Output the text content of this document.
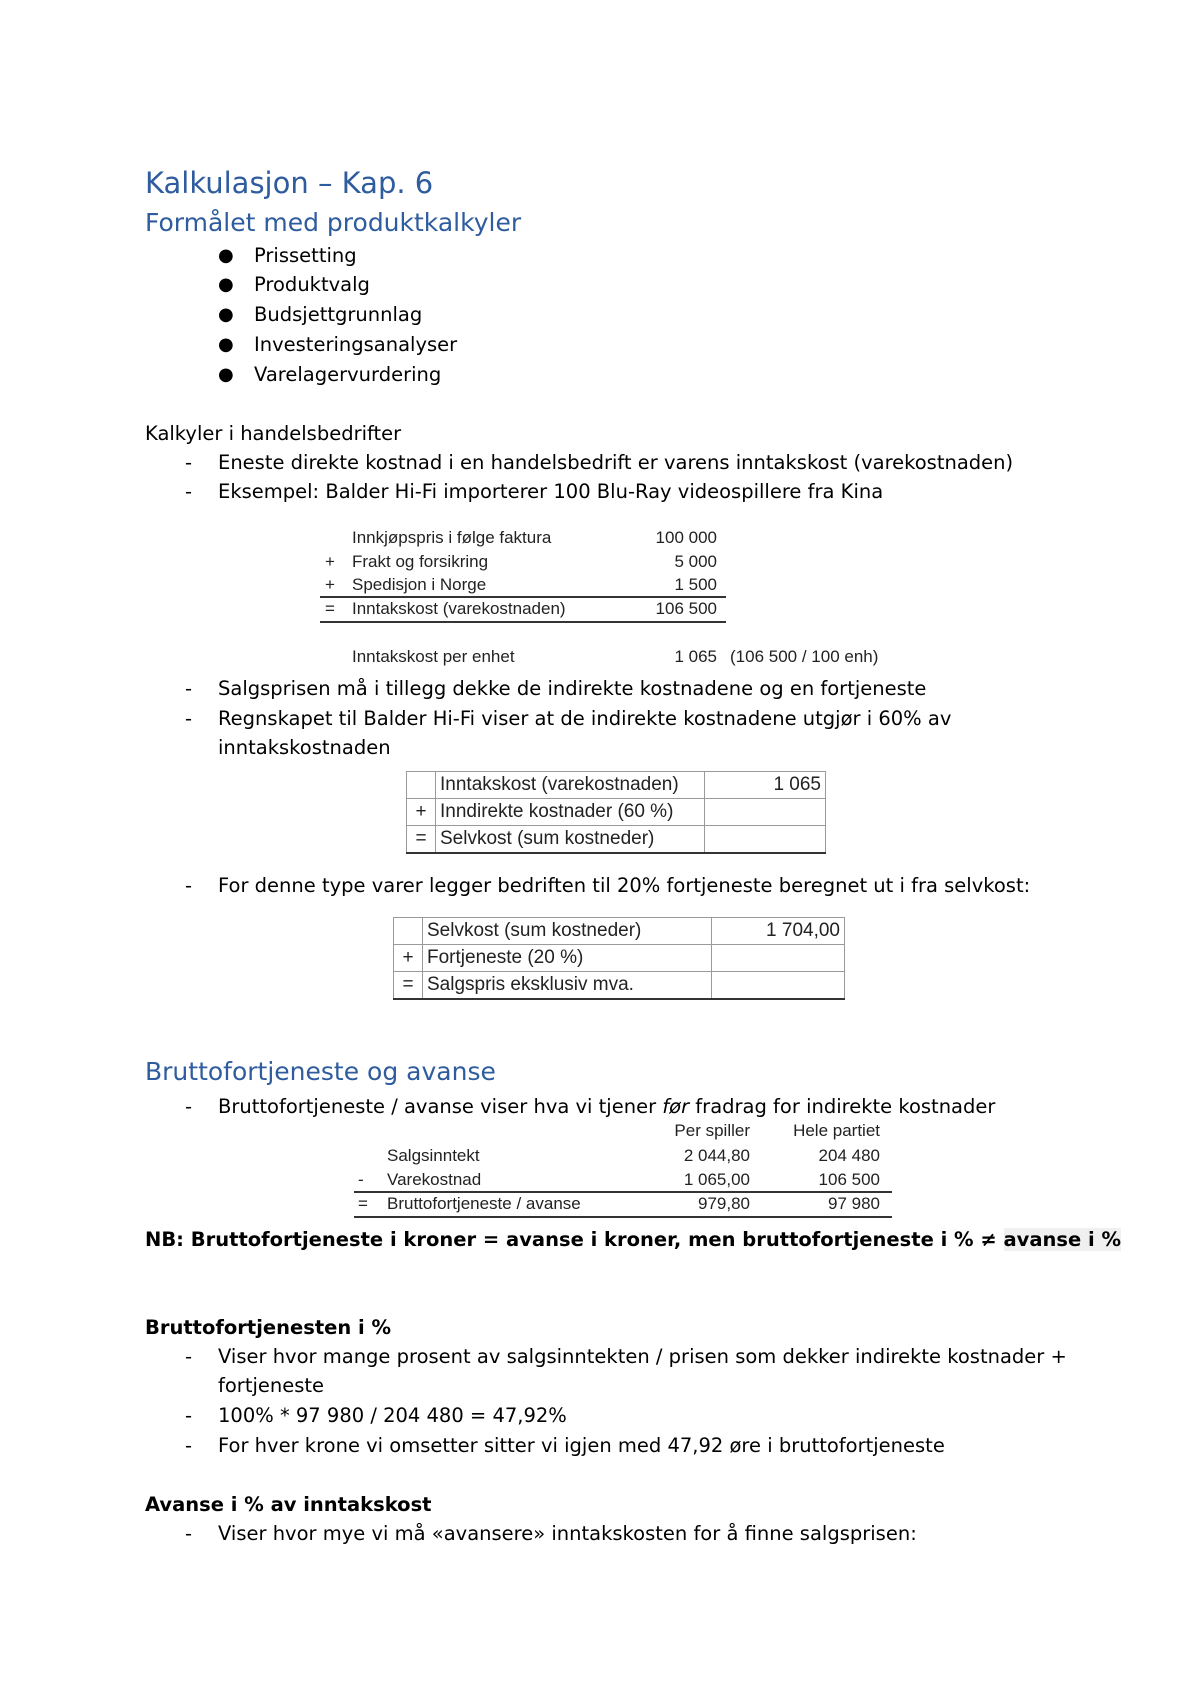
Kalkulasjon – Kap. 6
Formålet med produktkalkyler
● Prissetting
● Produktvalg
● Budsjettgrunnlag
● Investeringsanalyser
● Varelagervurdering
Kalkyler i handelsbedrifter
- Eneste direkte kostnad i en handelsbedrift er varens inntakskost (varekostnaden)
- Eksempel: Balder Hi-Fi importerer 100 Blu-Ray videospillere fra Kina
Innkjøpspris i følge faktura	100 000
+ Frakt og forsikring	5 000
+ Spedisjon i Norge	1 500
= Inntakskost (varekostnaden)	106 500
Inntakskost per enhet	1 065 (106 500 / 100 enh)
- Salgsprisen må i tillegg dekke de indirekte kostnadene og en fortjeneste
- Regnskapet til Balder Hi-Fi viser at de indirekte kostnadene utgjør i 60% av
inntakskostnaden
	Inntakskost (varekostnaden)	1 065
+	Inndirekte kostnader (60 %)	
=	Selvkost (sum kostneder)	
- For denne type varer legger bedriften til 20% fortjeneste beregnet ut i fra selvkost:
	Selvkost (sum kostneder)	1 704,00
+	Fortjeneste (20 %)	
=	Salgspris eksklusiv mva.	
Bruttofortjeneste og avanse
- Bruttofortjeneste / avanse viser hva vi tjener før fradrag for indirekte kostnader
Per spiller	Hele partiet
Salgsinntekt	2 044,80	204 480
- Varekostnad	1 065,00	106 500
= Bruttofortjeneste / avanse	979,80	97 980
NB: Bruttofortjeneste i kroner = avanse i kroner, men bruttofortjeneste i % ≠ avanse i %
Bruttofortjenesten i %
- Viser hvor mange prosent av salgsinntekten / prisen som dekker indirekte kostnader +
fortjeneste
- 100% * 97 980 / 204 480 = 47,92%
- For hver krone vi omsetter sitter vi igjen med 47,92 øre i bruttofortjeneste
Avanse i % av inntakskost
- Viser hvor mye vi må «avansere» inntakskosten for å finne salgsprisen:
